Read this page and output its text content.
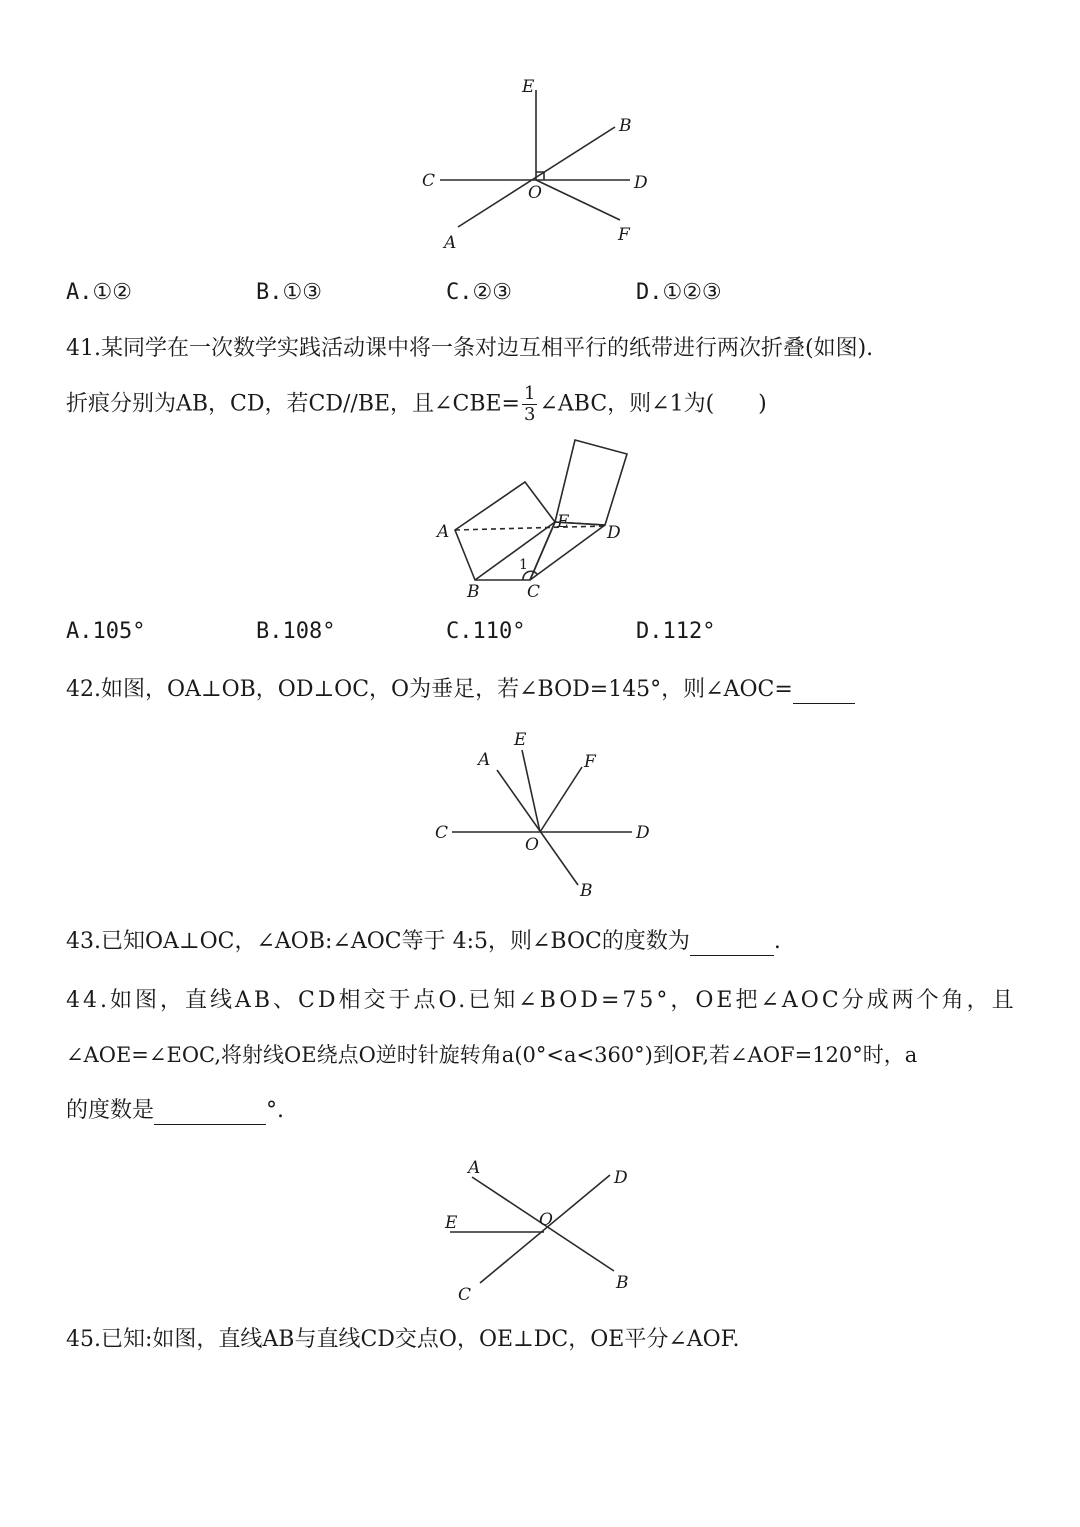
E
B
C
O	D
A	F
A.①②	B.①③	C.②③	D.①②③
41.某同学在一次数学实践活动课中将一条对边互相平行的纸带进行两次折叠(如图).
折痕分别为AB，CD，若CD//BE，且∠CBE= $\frac{1}{3}$ ∠ABC，则∠1为(　　)
A	E
D
B	C
1
A.105°	B.108°	C.110°	D.112°
42.如图，OA⊥OB，OD⊥OC，O为垂足，若∠BOD=145°，则∠AOC=
A
E
F
C
O
D
B
43.已知OA⊥OC，∠AOB:∠AOC等于 4:5，则∠BOC的度数为	.
44.如图，直线AB、CD相交于点O.已知∠BOD=75°，OE把∠AOC分成两个角，且
∠AOE=∠EOC,将射线OE绕点O逆时针旋转角a(0°<a<360°)到OF,若∠AOF=120°时，a
的度数是	°.
A	D
E	O
C
B
45.已知:如图，直线AB与直线CD交点O，OE⊥DC，OE平分∠AOF.
